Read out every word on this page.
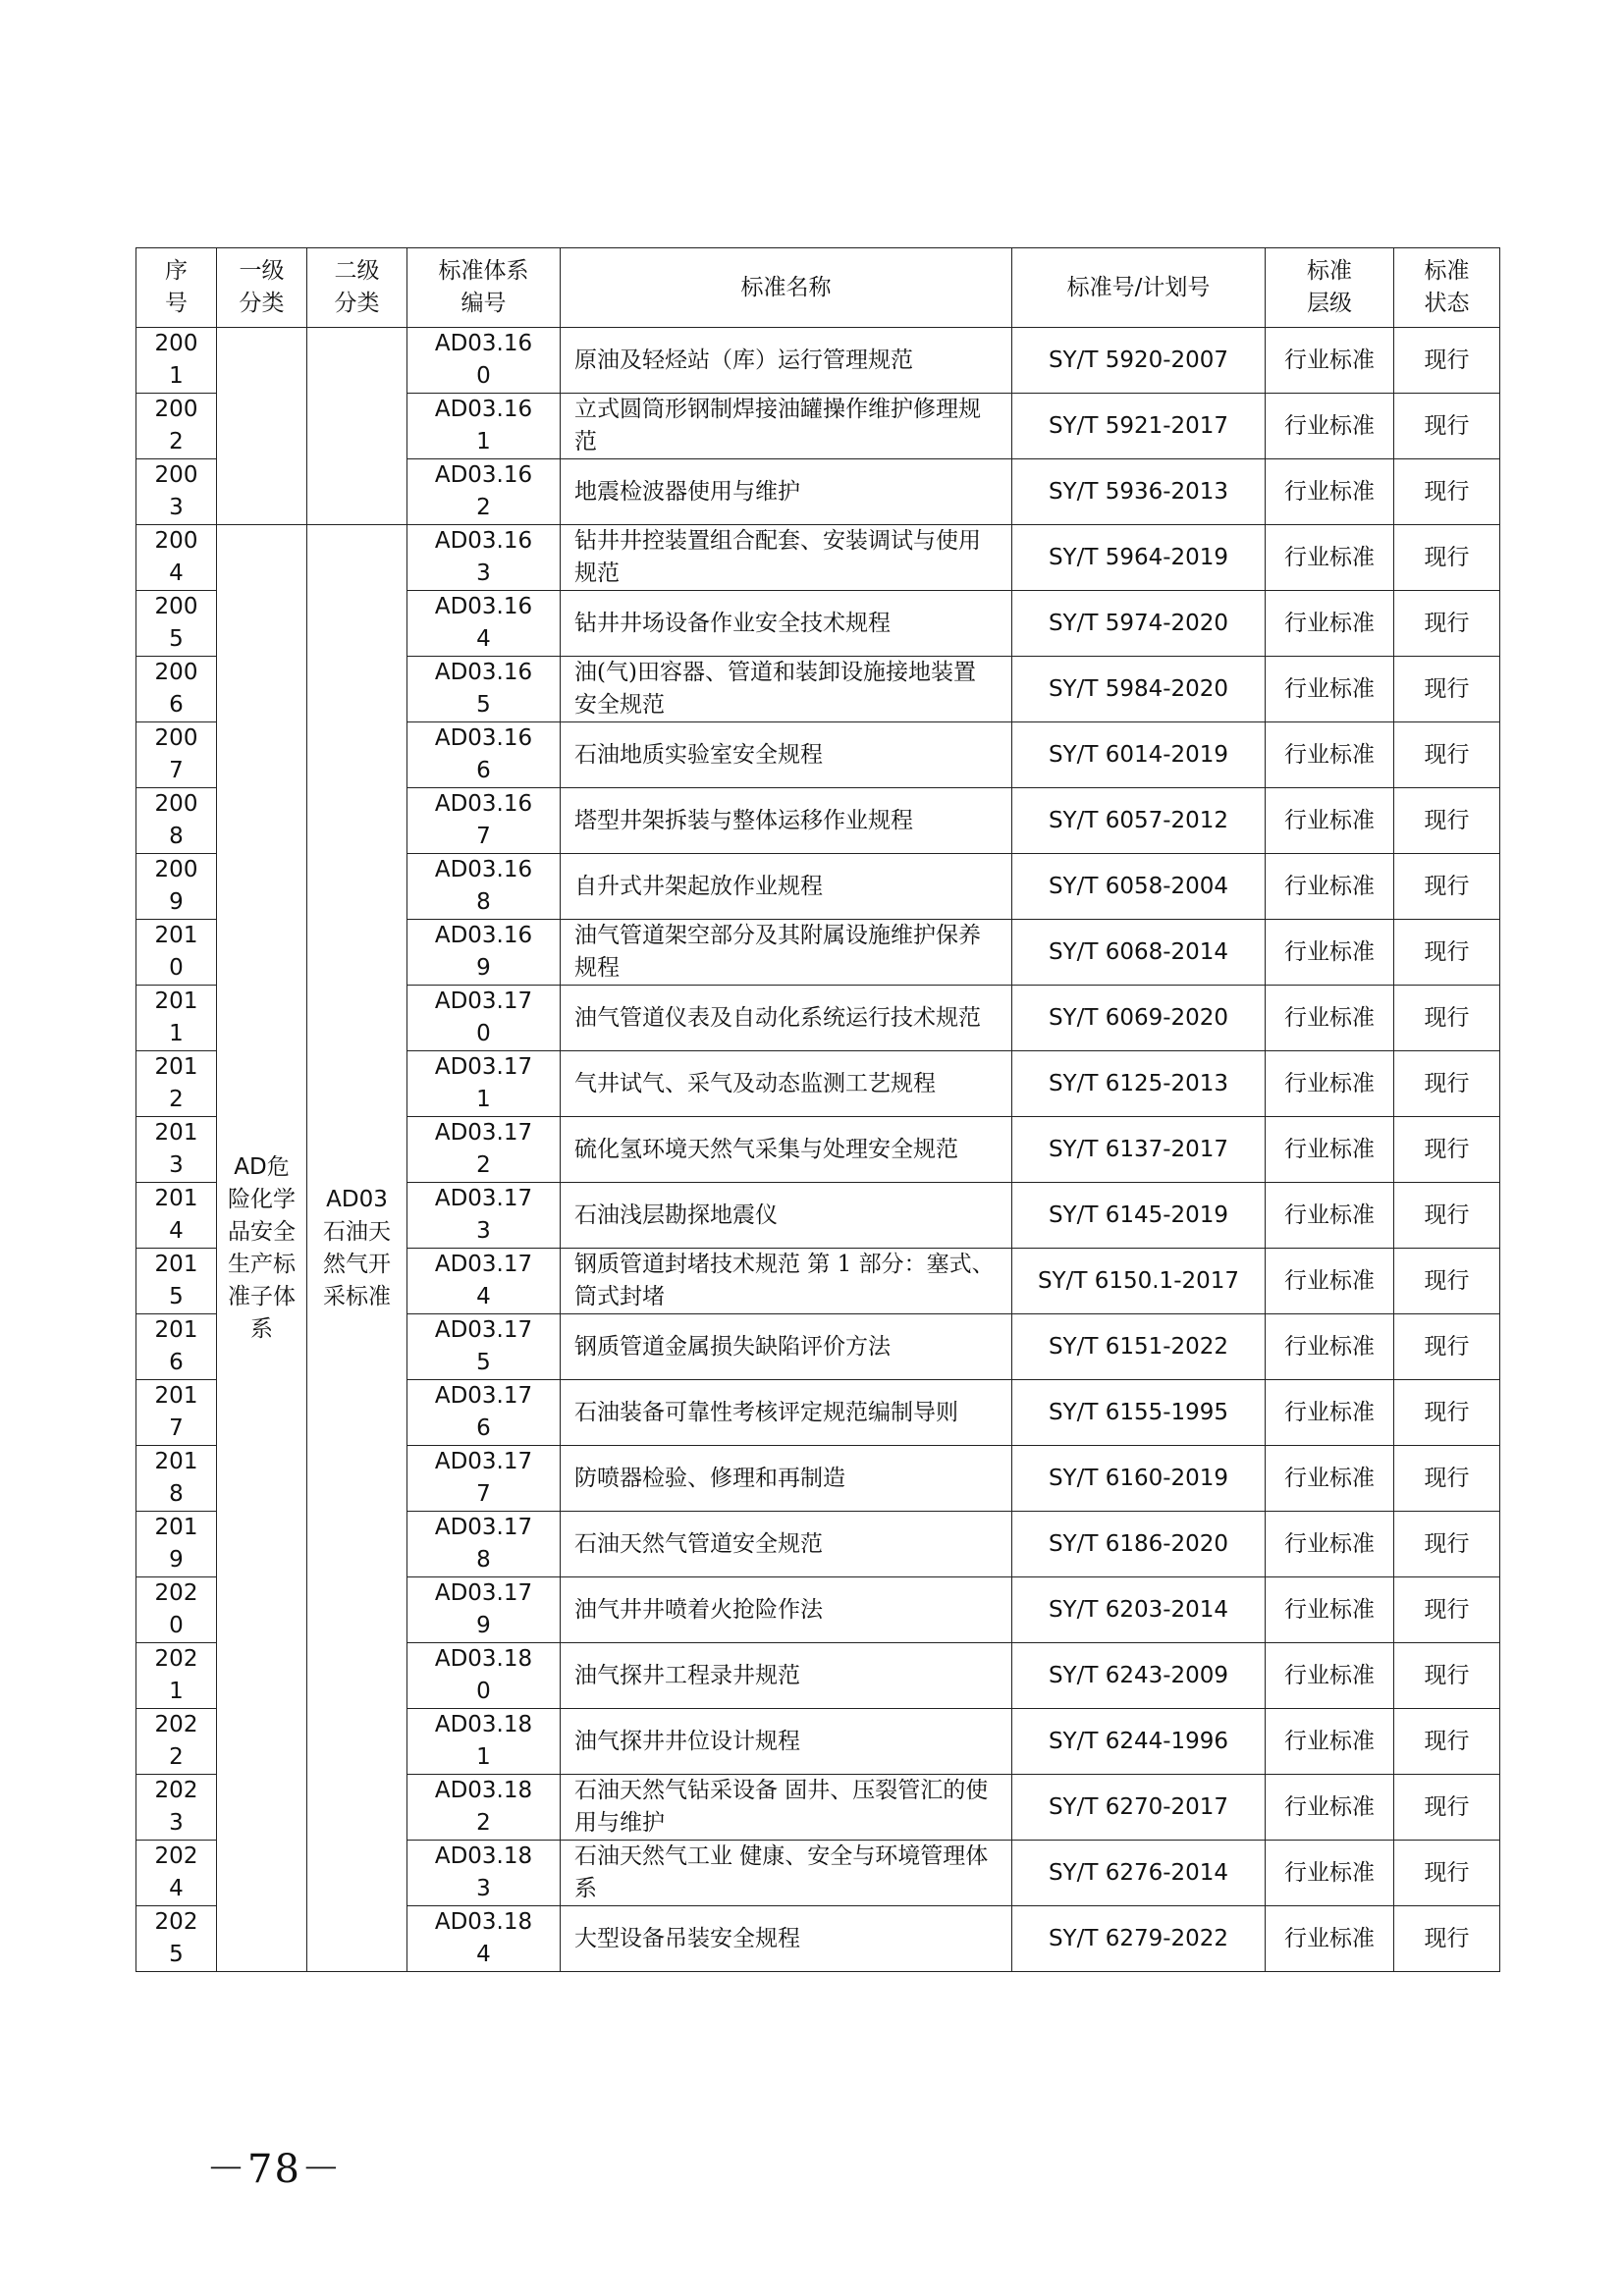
序号	一级分类	二级分类	标准体系编号	标准名称	标准号/计划号	标准层级	标准状态
2001			AD03.160	原油及轻烃站（库）运行管理规范	SY/T 5920-2007	行业标准	现行
2002			AD03.161	立式圆筒形钢制焊接油罐操作维护修理规范	SY/T 5921-2017	行业标准	现行
2003			AD03.162	地震检波器使用与维护	SY/T 5936-2013	行业标准	现行
2004	AD危险化学品安全生产标准子体系	AD03石油天然气开采标准	AD03.163	钻井井控装置组合配套、安装调试与使用规范	SY/T 5964-2019	行业标准	现行
2005			AD03.164	钻井井场设备作业安全技术规程	SY/T 5974-2020	行业标准	现行
2006			AD03.165	油(气)田容器、管道和装卸设施接地装置安全规范	SY/T 5984-2020	行业标准	现行
2007			AD03.166	石油地质实验室安全规程	SY/T 6014-2019	行业标准	现行
2008			AD03.167	塔型井架拆装与整体运移作业规程	SY/T 6057-2012	行业标准	现行
2009			AD03.168	自升式井架起放作业规程	SY/T 6058-2004	行业标准	现行
2010			AD03.169	油气管道架空部分及其附属设施维护保养规程	SY/T 6068-2014	行业标准	现行
2011			AD03.170	油气管道仪表及自动化系统运行技术规范	SY/T 6069-2020	行业标准	现行
2012			AD03.171	气井试气、采气及动态监测工艺规程	SY/T 6125-2013	行业标准	现行
2013			AD03.172	硫化氢环境天然气采集与处理安全规范	SY/T 6137-2017	行业标准	现行
2014			AD03.173	石油浅层勘探地震仪	SY/T 6145-2019	行业标准	现行
2015			AD03.174	钢质管道封堵技术规范 第 1 部分：塞式、筒式封堵	SY/T 6150.1-2017	行业标准	现行
2016			AD03.175	钢质管道金属损失缺陷评价方法	SY/T 6151-2022	行业标准	现行
2017			AD03.176	石油装备可靠性考核评定规范编制导则	SY/T 6155-1995	行业标准	现行
2018			AD03.177	防喷器检验、修理和再制造	SY/T 6160-2019	行业标准	现行
2019			AD03.178	石油天然气管道安全规范	SY/T 6186-2020	行业标准	现行
2020			AD03.179	油气井井喷着火抢险作法	SY/T 6203-2014	行业标准	现行
2021			AD03.180	油气探井工程录井规范	SY/T 6243-2009	行业标准	现行
2022			AD03.181	油气探井井位设计规程	SY/T 6244-1996	行业标准	现行
2023			AD03.182	石油天然气钻采设备 固井、压裂管汇的使用与维护	SY/T 6270-2017	行业标准	现行
2024			AD03.183	石油天然气工业 健康、安全与环境管理体系	SY/T 6276-2014	行业标准	现行
2025			AD03.184	大型设备吊装安全规程	SY/T 6279-2022	行业标准	现行
－78－
